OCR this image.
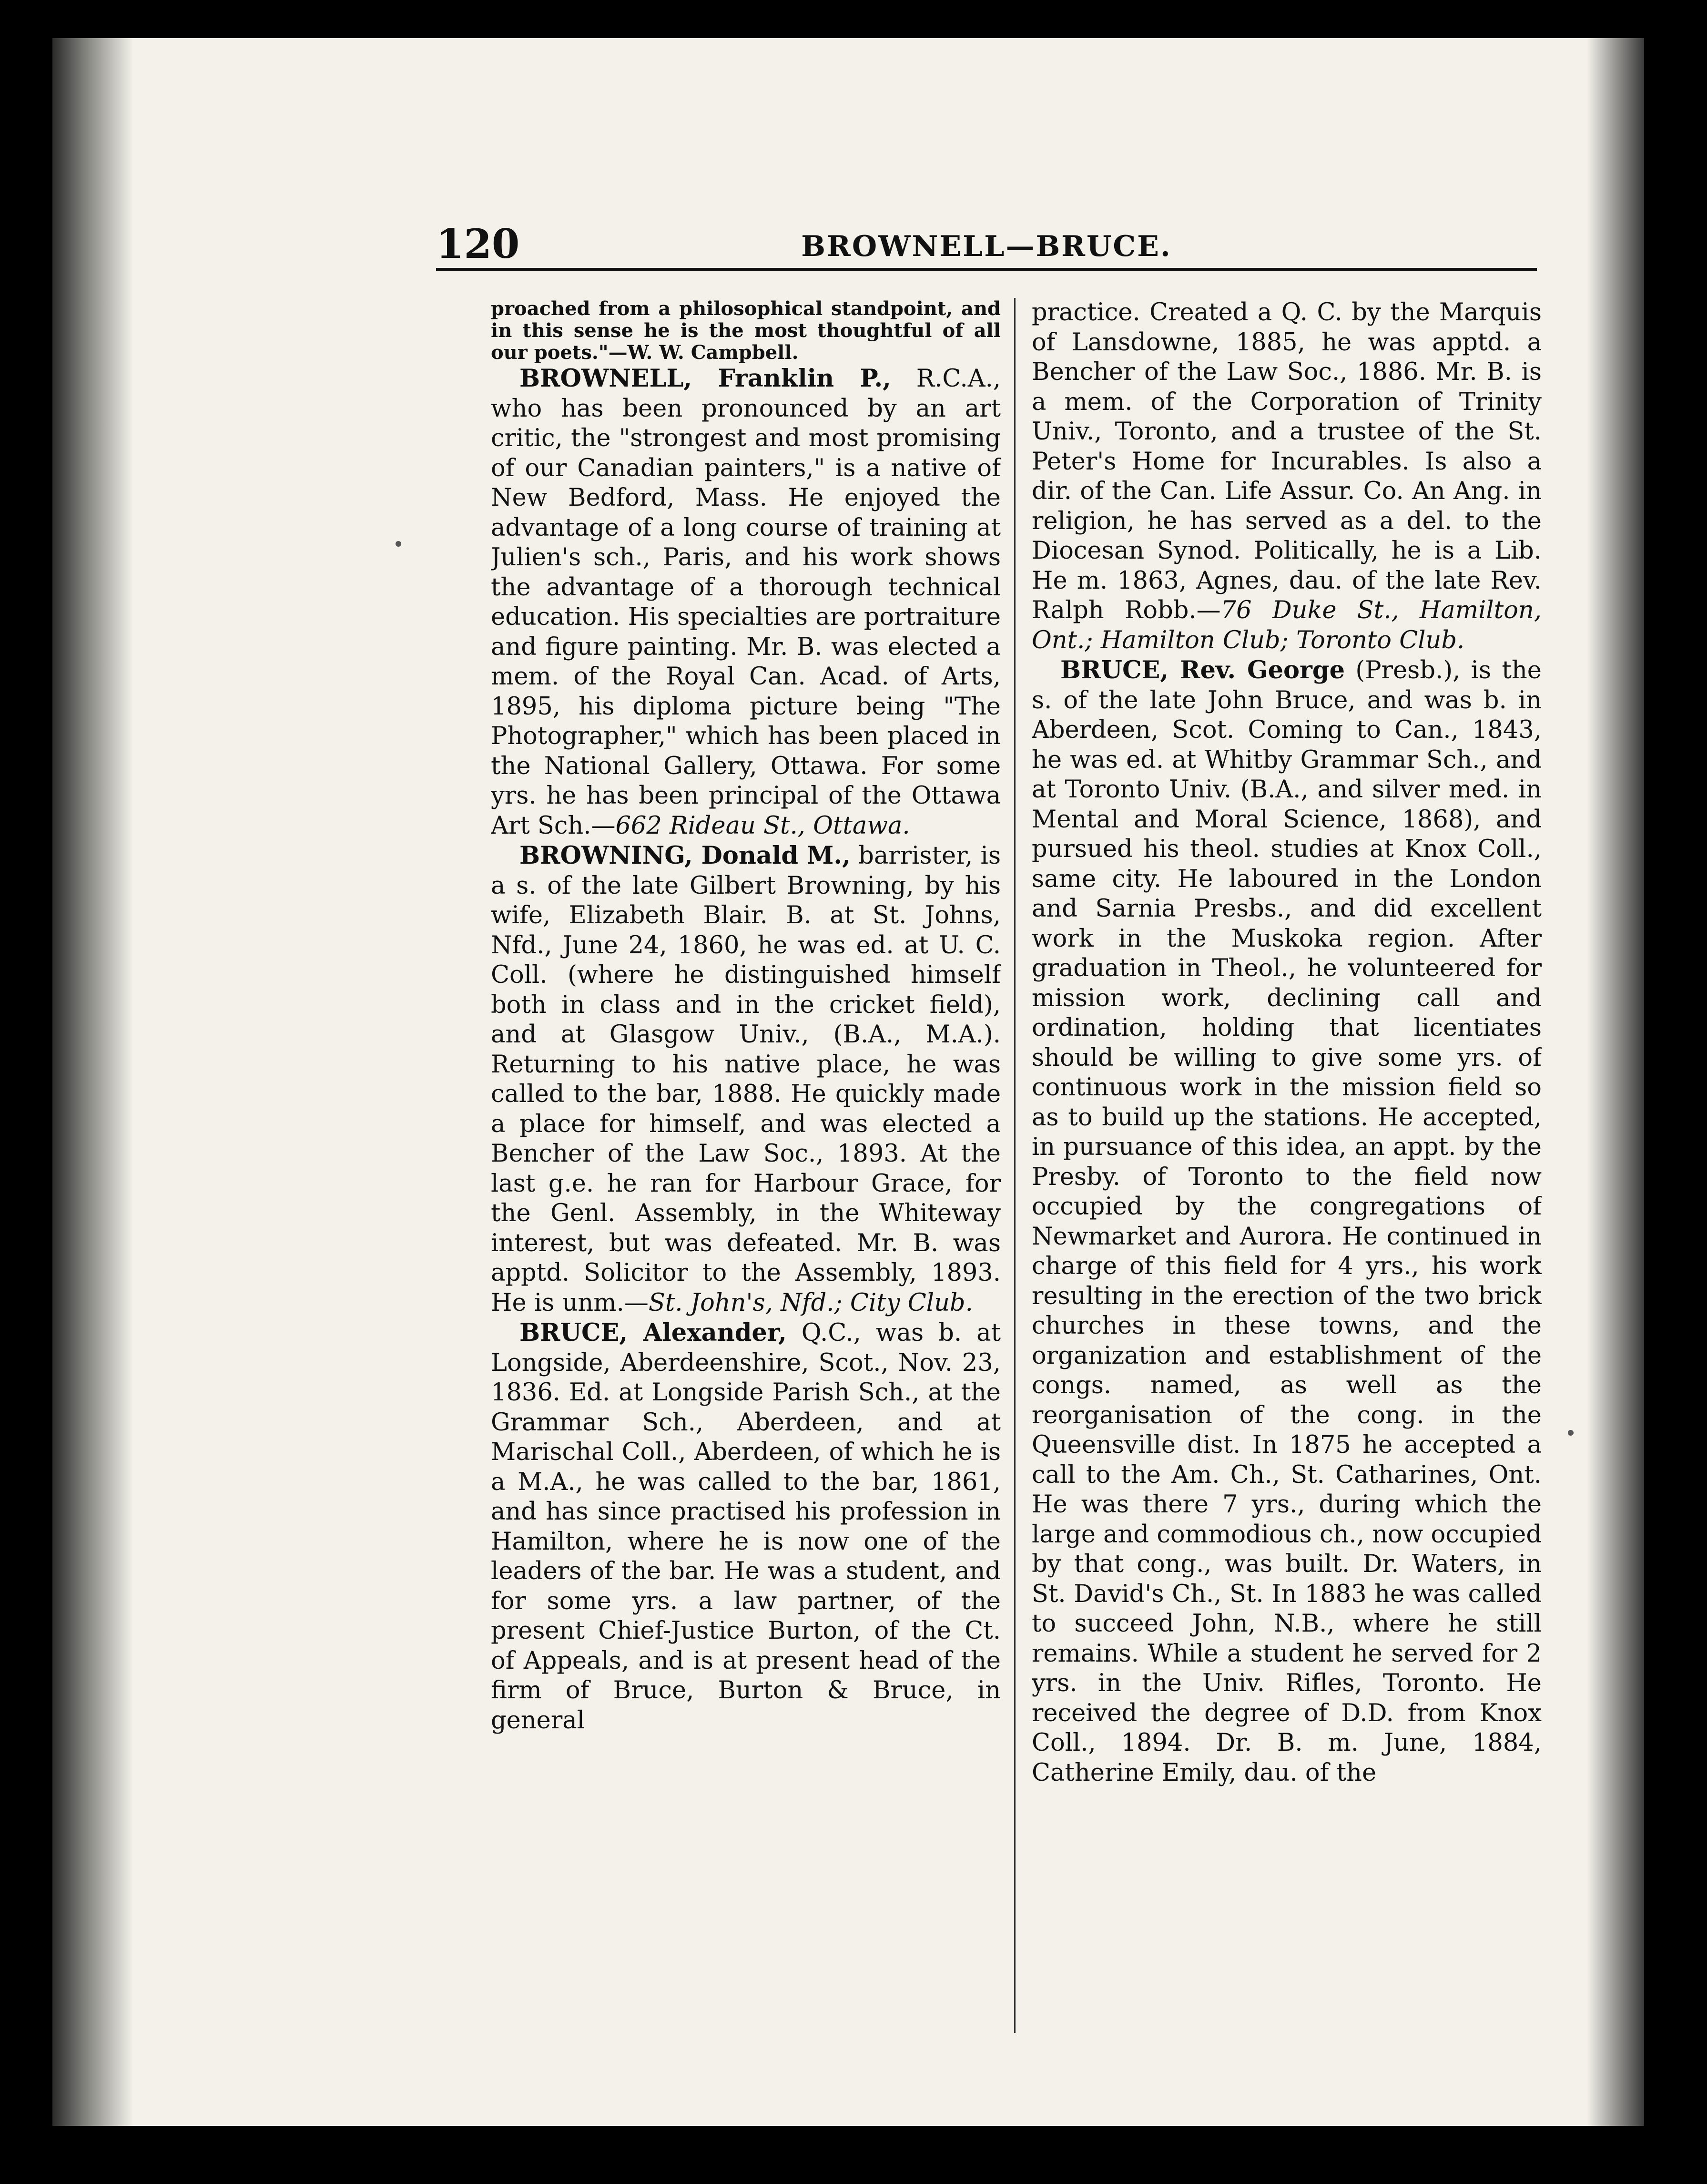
120	BROWNELL—BRUCE.

proached from a philosophical standpoint, and in this sense he is the most thoughtful of all our poets."—W. W. Campbell.

BROWNELL, Franklin P., R.C.A., who has been pronounced by an art critic, the "strongest and most promising of our Canadian painters," is a native of New Bedford, Mass. He enjoyed the advantage of a long course of training at Julien's sch., Paris, and his work shows the advantage of a thorough technical education. His specialties are portraiture and figure painting. Mr. B. was elected a mem. of the Royal Can. Acad. of Arts, 1895, his diploma picture being "The Photographer," which has been placed in the National Gallery, Ottawa. For some yrs. he has been principal of the Ottawa Art Sch.—662 Rideau St., Ottawa.

BROWNING, Donald M., barrister, is a s. of the late Gilbert Browning, by his wife, Elizabeth Blair. B. at St. Johns, Nfd., June 24, 1860, he was ed. at U. C. Coll. (where he distinguished himself both in class and in the cricket field), and at Glasgow Univ., (B.A., M.A.). Returning to his native place, he was called to the bar, 1888. He quickly made a place for himself, and was elected a Bencher of the Law Soc., 1893. At the last g.e. he ran for Harbour Grace, for the Genl. Assembly, in the Whiteway interest, but was defeated. Mr. B. was apptd. Solicitor to the Assembly, 1893. He is unm.—St. John's, Nfd.; City Club.

BRUCE, Alexander, Q.C., was b. at Longside, Aberdeenshire, Scot., Nov. 23, 1836. Ed. at Longside Parish Sch., at the Grammar Sch., Aberdeen, and at Marischal Coll., Aberdeen, of which he is a M.A., he was called to the bar, 1861, and has since practised his profession in Hamilton, where he is now one of the leaders of the bar. He was a student, and for some yrs. a law partner, of the present Chief-Justice Burton, of the Ct. of Appeals, and is at present head of the firm of Bruce, Burton & Bruce, in general

practice. Created a Q. C. by the Marquis of Lansdowne, 1885, he was apptd. a Bencher of the Law Soc., 1886. Mr. B. is a mem. of the Corporation of Trinity Univ., Toronto, and a trustee of the St. Peter's Home for Incurables. Is also a dir. of the Can. Life Assur. Co. An Ang. in religion, he has served as a del. to the Diocesan Synod. Politically, he is a Lib. He m. 1863, Agnes, dau. of the late Rev. Ralph Robb.—76 Duke St., Hamilton, Ont.; Hamilton Club; Toronto Club.

BRUCE, Rev. George (Presb.), is the s. of the late John Bruce, and was b. in Aberdeen, Scot. Coming to Can., 1843, he was ed. at Whitby Grammar Sch., and at Toronto Univ. (B.A., and silver med. in Mental and Moral Science, 1868), and pursued his theol. studies at Knox Coll., same city. He laboured in the London and Sarnia Presbs., and did excellent work in the Muskoka region. After graduation in Theol., he volunteered for mission work, declining call and ordination, holding that licentiates should be willing to give some yrs. of continuous work in the mission field so as to build up the stations. He accepted, in pursuance of this idea, an appt. by the Presby. of Toronto to the field now occupied by the congregations of Newmarket and Aurora. He continued in charge of this field for 4 yrs., his work resulting in the erection of the two brick churches in these towns, and the organization and establishment of the congs. named, as well as the reorganisation of the cong. in the Queensville dist. In 1875 he accepted a call to the Am. Ch., St. Catharines, Ont. He was there 7 yrs., during which the large and commodious ch., now occupied by that cong., was built. Dr. Waters, in St. David's Ch., St. In 1883 he was called to succeed John, N.B., where he still remains. While a student he served for 2 yrs. in the Univ. Rifles, Toronto. He received the degree of D.D. from Knox Coll., 1894. Dr. B. m. June, 1884, Catherine Emily, dau. of the
